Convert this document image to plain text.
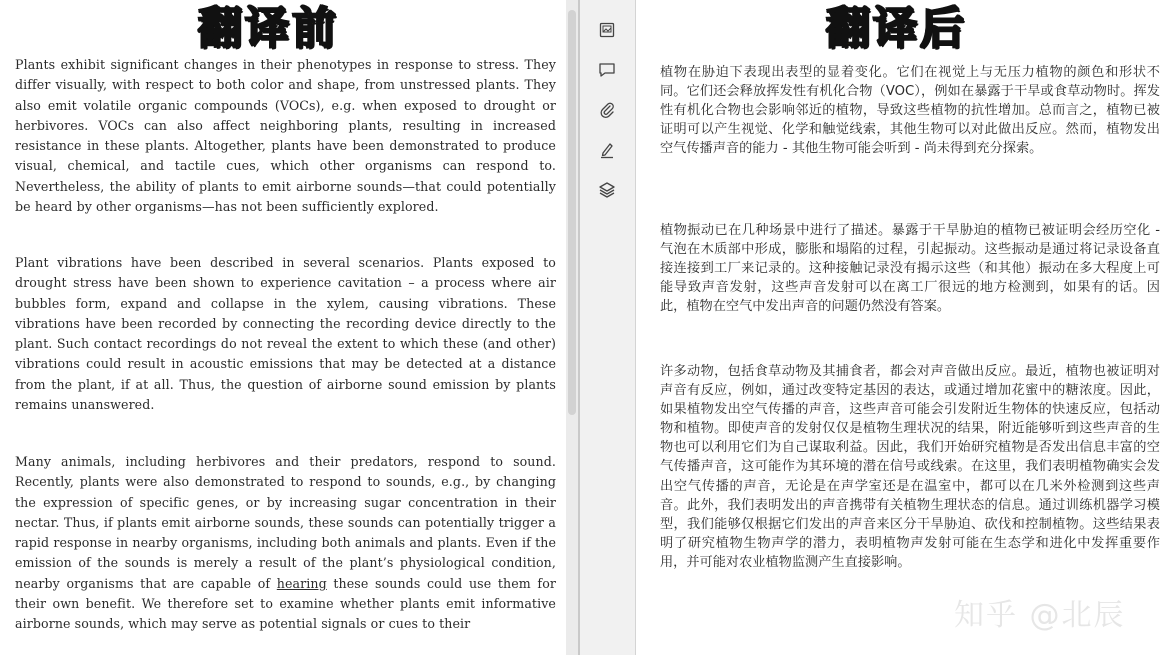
翻译前

Plants exhibit significant changes in their phenotypes in response to stress. They differ visually, with respect to both color and shape, from unstressed plants. They also emit volatile organic compounds (VOCs), e.g. when exposed to drought or herbivores. VOCs can also affect neighboring plants, resulting in increased resistance in these plants. Altogether, plants have been demonstrated to produce visual, chemical, and tactile cues, which other organisms can respond to. Nevertheless, the ability of plants to emit airborne sounds—that could potentially be heard by other organisms—has not been sufficiently explored.

Plant vibrations have been described in several scenarios. Plants exposed to drought stress have been shown to experience cavitation – a process where air bubbles form, expand and collapse in the xylem, causing vibrations. These vibrations have been recorded by connecting the recording device directly to the plant. Such contact recordings do not reveal the extent to which these (and other) vibrations could result in acoustic emissions that may be detected at a distance from the plant, if at all. Thus, the question of airborne sound emission by plants remains unanswered.

Many animals, including herbivores and their predators, respond to sound. Recently, plants were also demonstrated to respond to sounds, e.g., by changing the expression of specific genes, or by increasing sugar concentration in their nectar. Thus, if plants emit airborne sounds, these sounds can potentially trigger a rapid response in nearby organisms, including both animals and plants. Even if the emission of the sounds is merely a result of the plant’s physiological condition, nearby organisms that are capable of hearing these sounds could use them for their own benefit. We therefore set to examine whether plants emit informative airborne sounds, which may serve as potential signals or cues to their

翻译后

植物在胁迫下表现出表型的显着变化。它们在视觉上与无压力植物的颜色和形状不同。它们还会释放挥发性有机化合物（VOC），例如在暴露于干旱或食草动物时。挥发性有机化合物也会影响邻近的植物，导致这些植物的抗性增加。总而言之，植物已被证明可以产生视觉、化学和触觉线索，其他生物可以对此做出反应。然而，植物发出空气传播声音的能力 - 其他生物可能会听到 - 尚未得到充分探索。

植物振动已在几种场景中进行了描述。暴露于干旱胁迫的植物已被证明会经历空化 - 气泡在木质部中形成，膨胀和塌陷的过程，引起振动。这些振动是通过将记录设备直接连接到工厂来记录的。这种接触记录没有揭示这些（和其他）振动在多大程度上可能导致声音发射，这些声音发射可以在离工厂很远的地方检测到，如果有的话。因此，植物在空气中发出声音的问题仍然没有答案。

许多动物，包括食草动物及其捕食者，都会对声音做出反应。最近，植物也被证明对声音有反应，例如，通过改变特定基因的表达，或通过增加花蜜中的糖浓度。因此，如果植物发出空气传播的声音，这些声音可能会引发附近生物体的快速反应，包括动物和植物。即使声音的发射仅仅是植物生理状况的结果，附近能够听到这些声音的生物也可以利用它们为自己谋取利益。因此，我们开始研究植物是否发出信息丰富的空气传播声音，这可能作为其环境的潜在信号或线索。在这里，我们表明植物确实会发出空气传播的声音，无论是在声学室还是在温室中，都可以在几米外检测到这些声音。此外，我们表明发出的声音携带有关植物生理状态的信息。通过训练机器学习模型，我们能够仅根据它们发出的声音来区分干旱胁迫、砍伐和控制植物。这些结果表明了研究植物生物声学的潜力，表明植物声发射可能在生态学和进化中发挥重要作用，并可能对农业植物监测产生直接影响。

知乎 @北辰
